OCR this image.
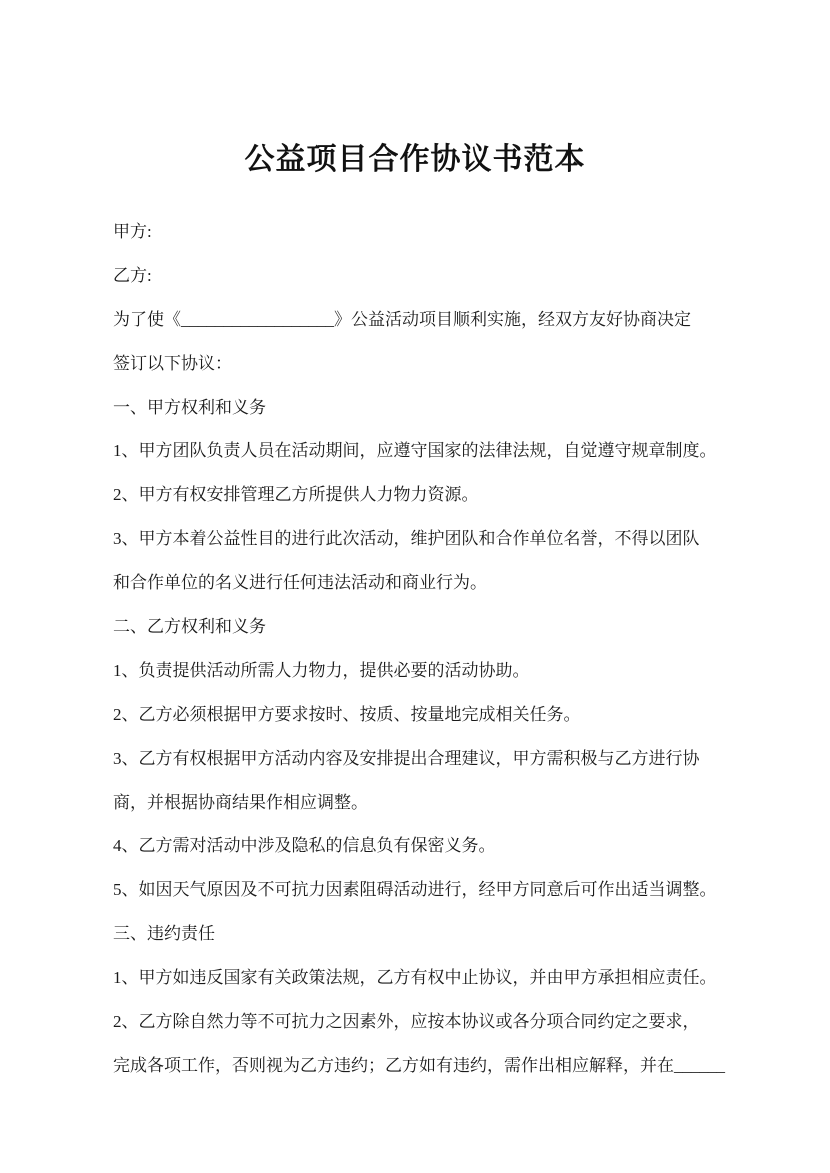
公益项目合作协议书范本
甲方:
乙方:
为了使《__________________》公益活动项目顺利实施，经双方友好协商决定
签订以下协议：
一、甲方权利和义务
1、甲方团队负责人员在活动期间，应遵守国家的法律法规，自觉遵守规章制度。
2、甲方有权安排管理乙方所提供人力物力资源。
3、甲方本着公益性目的进行此次活动，维护团队和合作单位名誉，不得以团队
和合作单位的名义进行任何违法活动和商业行为。
二、乙方权利和义务
1、负责提供活动所需人力物力，提供必要的活动协助。
2、乙方必须根据甲方要求按时、按质、按量地完成相关任务。
3、乙方有权根据甲方活动内容及安排提出合理建议，甲方需积极与乙方进行协
商，并根据协商结果作相应调整。
4、乙方需对活动中涉及隐私的信息负有保密义务。
5、如因天气原因及不可抗力因素阻碍活动进行，经甲方同意后可作出适当调整。
三、违约责任
1、甲方如违反国家有关政策法规，乙方有权中止协议，并由甲方承担相应责任。
2、乙方除自然力等不可抗力之因素外，应按本协议或各分项合同约定之要求，
完成各项工作，否则视为乙方违约；乙方如有违约，需作出相应解释，并在______
